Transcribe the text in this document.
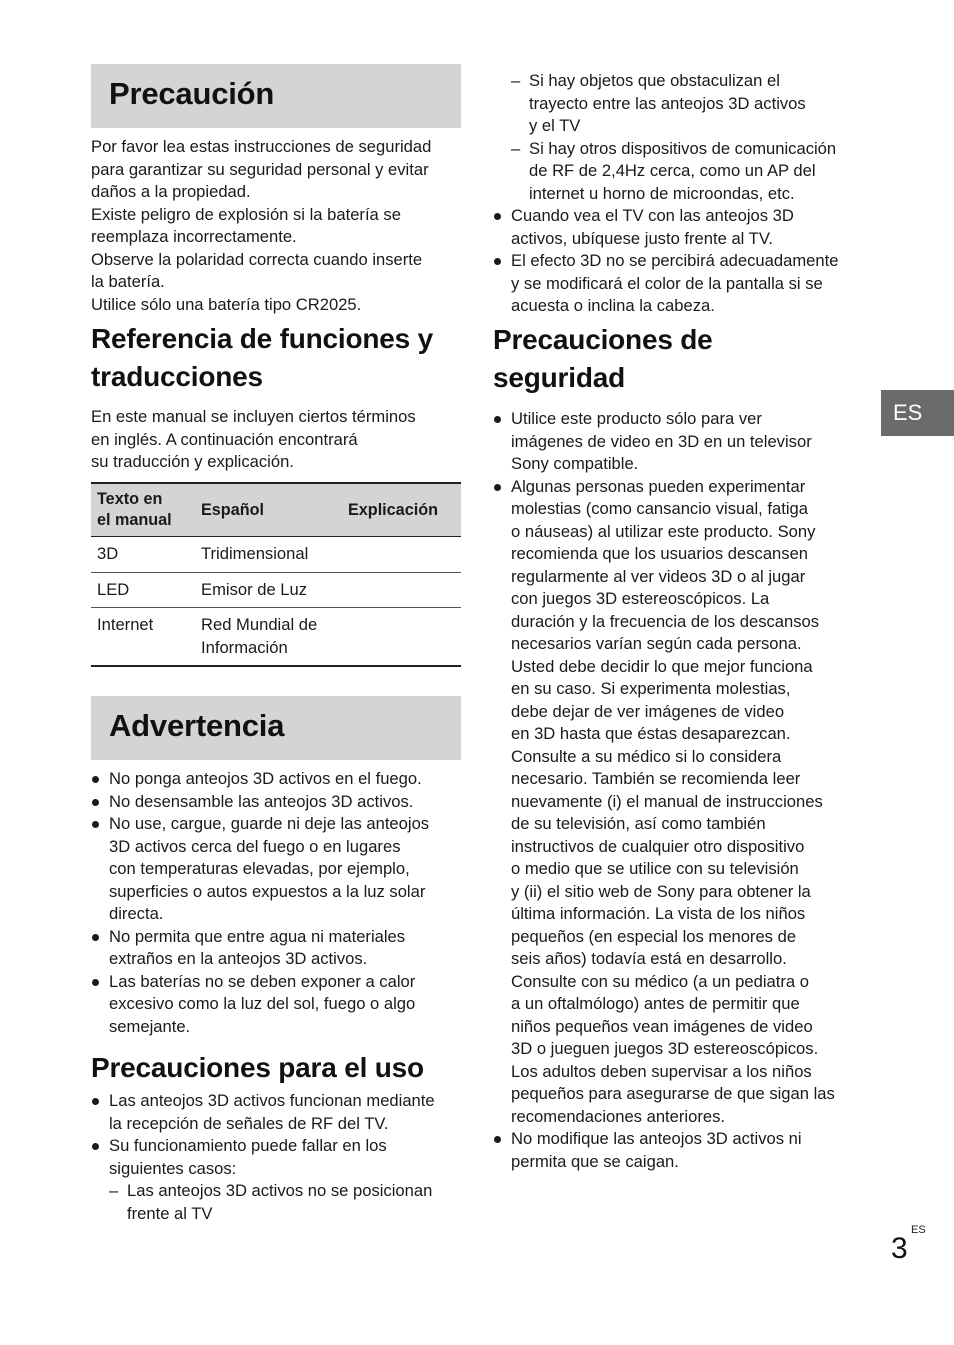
Precaución
Por favor lea estas instrucciones de seguridad
para garantizar su seguridad personal y evitar
daños a la propiedad.
Existe peligro de explosión si la batería se
reemplaza incorrectamente.
Observe la polaridad correcta cuando inserte
la batería.
Utilice sólo una batería tipo CR2025.
Referencia de funciones y
traducciones
En este manual se incluyen ciertos términos
en inglés. A continuación encontrará
su traducción y explicación.
Texto en
el manual	Español	Explicación
3D	Tridimensional	
LED	Emisor de Luz	
Internet	Red Mundial de Información	
Advertencia
No ponga anteojos 3D activos en el fuego.
No desensamble las anteojos 3D activos.
No use, cargue, guarde ni deje las anteojos
3D activos cerca del fuego o en lugares
con temperaturas elevadas, por ejemplo,
superficies o autos expuestos a la luz solar
directa.
No permita que entre agua ni materiales
extraños en la anteojos 3D activos.
Las baterías no se deben exponer a calor
excesivo como la luz del sol, fuego o algo
semejante.
Precauciones para el uso
Las anteojos 3D activos funcionan mediante
la recepción de señales de RF del TV.
Su funcionamiento puede fallar en los
siguientes casos:
– Las anteojos 3D activos no se posicionan
frente al TV
– Si hay objetos que obstaculizan el
trayecto entre las anteojos 3D activos
y el TV
– Si hay otros dispositivos de comunicación
de RF de 2,4Hz cerca, como un AP del
internet u horno de microondas, etc.
Cuando vea el TV con las anteojos 3D
activos, ubíquese justo frente al TV.
El efecto 3D no se percibirá adecuadamente
y se modificará el color de la pantalla si se
acuesta o inclina la cabeza.
Precauciones de
seguridad
Utilice este producto sólo para ver
imágenes de video en 3D en un televisor
Sony compatible.
Algunas personas pueden experimentar
molestias (como cansancio visual, fatiga
o náuseas) al utilizar este producto. Sony
recomienda que los usuarios descansen
regularmente al ver videos 3D o al jugar
con juegos 3D estereoscópicos. La
duración y la frecuencia de los descansos
necesarios varían según cada persona.
Usted debe decidir lo que mejor funciona
en su caso. Si experimenta molestias,
debe dejar de ver imágenes de video
en 3D hasta que éstas desaparezcan.
Consulte a su médico si lo considera
necesario. También se recomienda leer
nuevamente (i) el manual de instrucciones
de su televisión, así como también
instructivos de cualquier otro dispositivo
o medio que se utilice con su televisión
y (ii) el sitio web de Sony para obtener la
última información. La vista de los niños
pequeños (en especial los menores de
seis años) todavía está en desarrollo.
Consulte con su médico (a un pediatra o
a un oftalmólogo) antes de permitir que
niños pequeños vean imágenes de video
3D o jueguen juegos 3D estereoscópicos.
Los adultos deben supervisar a los niños
pequeños para asegurarse de que sigan las
recomendaciones anteriores.
No modifique las anteojos 3D activos ni
permita que se caigan.
ES
ES
3
